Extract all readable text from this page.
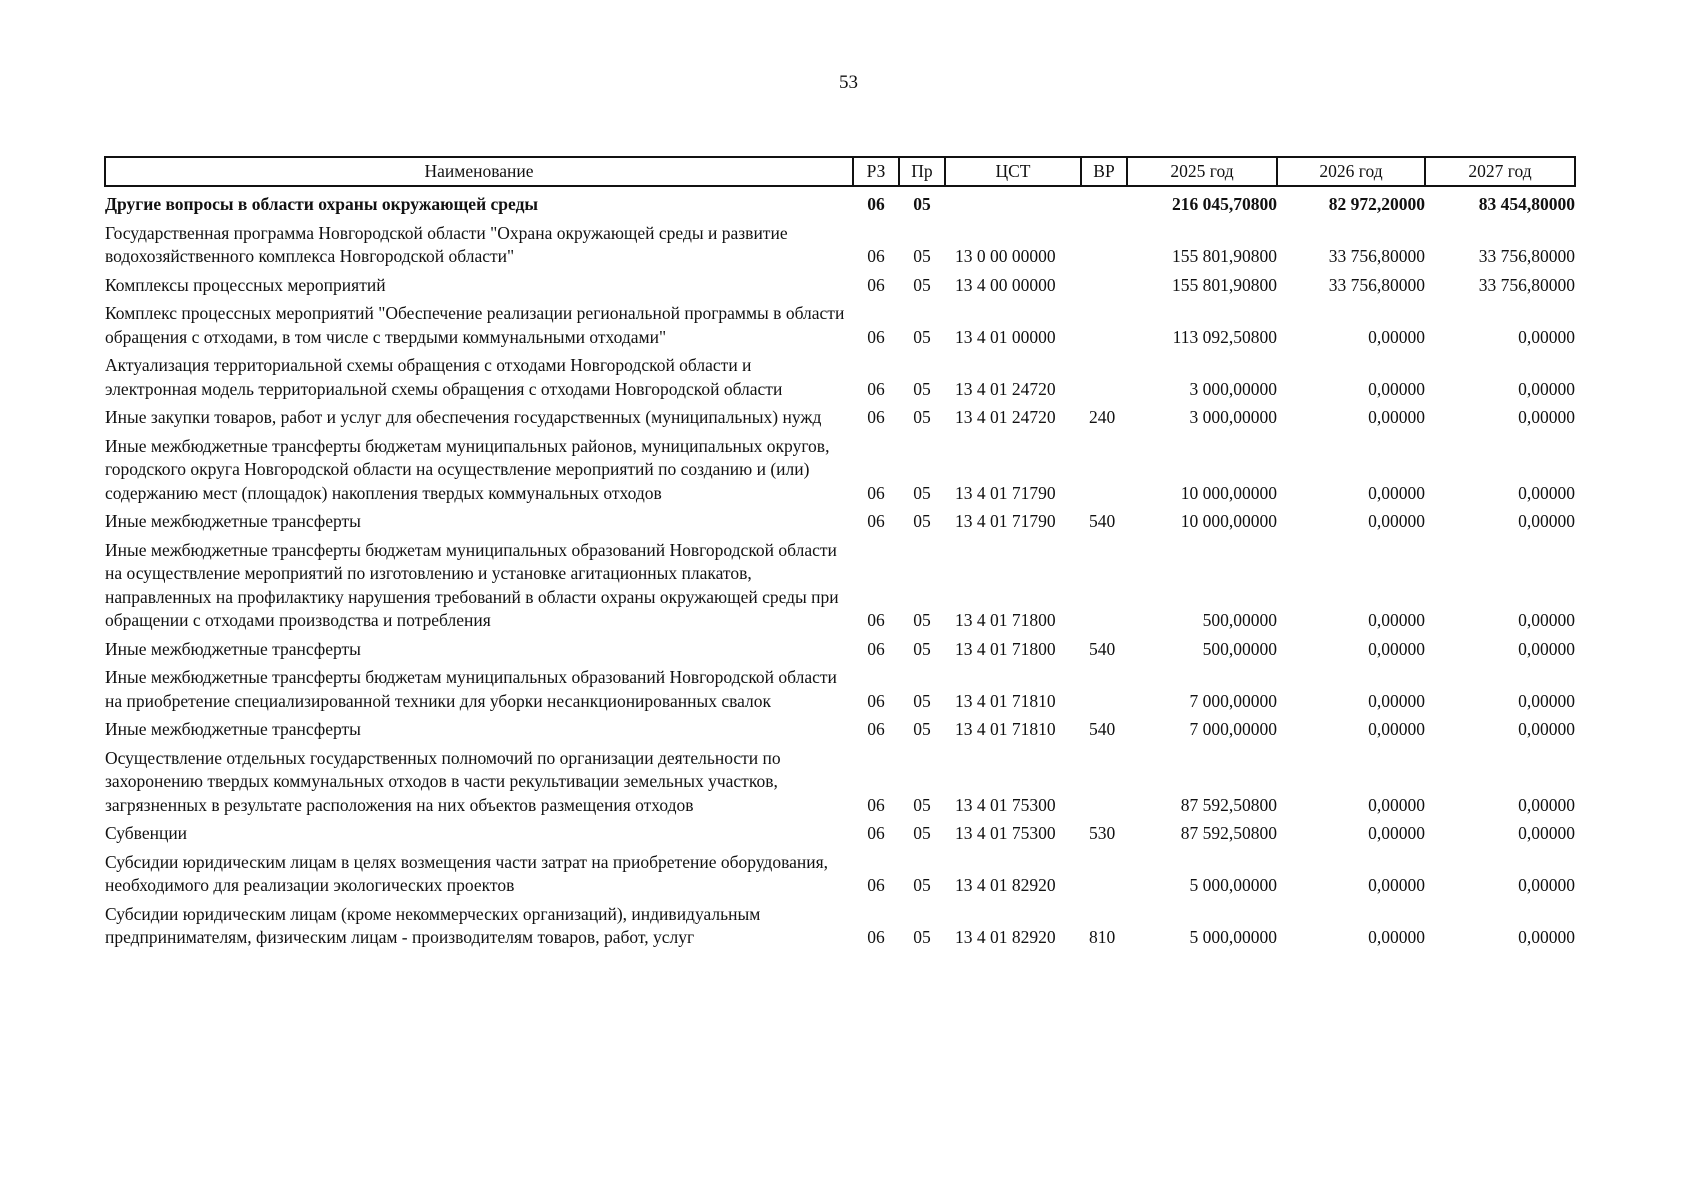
53
Наименование	РЗ	Пр	ЦСТ	ВР	2025 год	2026 год	2027 год
Другие вопросы в области охраны окружающей среды	06	05			216 045,70800	82 972,20000	83 454,80000
Государственная программа Новгородской области "Охрана окружающей среды и развитие водохозяйственного комплекса Новгородской области"	06	05	13 0 00 00000		155 801,90800	33 756,80000	33 756,80000
Комплексы процессных мероприятий	06	05	13 4 00 00000		155 801,90800	33 756,80000	33 756,80000
Комплекс процессных мероприятий "Обеспечение реализации региональной программы в области обращения с отходами, в том числе с твердыми коммунальными отходами"	06	05	13 4 01 00000		113 092,50800	0,00000	0,00000
Актуализация территориальной схемы обращения с отходами Новгородской области и электронная модель территориальной схемы обращения с отходами Новгородской области	06	05	13 4 01 24720		3 000,00000	0,00000	0,00000
Иные закупки товаров, работ и услуг для обеспечения государственных (муниципальных) нужд	06	05	13 4 01 24720	240	3 000,00000	0,00000	0,00000
Иные межбюджетные трансферты бюджетам муниципальных районов, муниципальных округов, городского округа Новгородской области на осуществление мероприятий по созданию и (или) содержанию мест (площадок) накопления твердых коммунальных отходов	06	05	13 4 01 71790		10 000,00000	0,00000	0,00000
Иные межбюджетные трансферты	06	05	13 4 01 71790	540	10 000,00000	0,00000	0,00000
Иные межбюджетные трансферты бюджетам муниципальных образований Новгородской области на осуществление мероприятий по изготовлению и установке агитационных плакатов, направленных на профилактику нарушения требований в области охраны окружающей среды при обращении с отходами производства и потребления	06	05	13 4 01 71800		500,00000	0,00000	0,00000
Иные межбюджетные трансферты	06	05	13 4 01 71800	540	500,00000	0,00000	0,00000
Иные межбюджетные трансферты бюджетам муниципальных образований Новгородской области на приобретение специализированной техники для уборки несанкционированных свалок	06	05	13 4 01 71810		7 000,00000	0,00000	0,00000
Иные межбюджетные трансферты	06	05	13 4 01 71810	540	7 000,00000	0,00000	0,00000
Осуществление отдельных государственных полномочий по организации деятельности по захоронению твердых коммунальных отходов в части рекультивации земельных участков, загрязненных в результате расположения на них объектов размещения отходов	06	05	13 4 01 75300		87 592,50800	0,00000	0,00000
Субвенции	06	05	13 4 01 75300	530	87 592,50800	0,00000	0,00000
Субсидии юридическим лицам в целях возмещения части затрат на приобретение оборудования, необходимого для реализации экологических проектов	06	05	13 4 01 82920		5 000,00000	0,00000	0,00000
Субсидии юридическим лицам (кроме некоммерческих организаций), индивидуальным предпринимателям, физическим лицам - производителям товаров, работ, услуг	06	05	13 4 01 82920	810	5 000,00000	0,00000	0,00000
